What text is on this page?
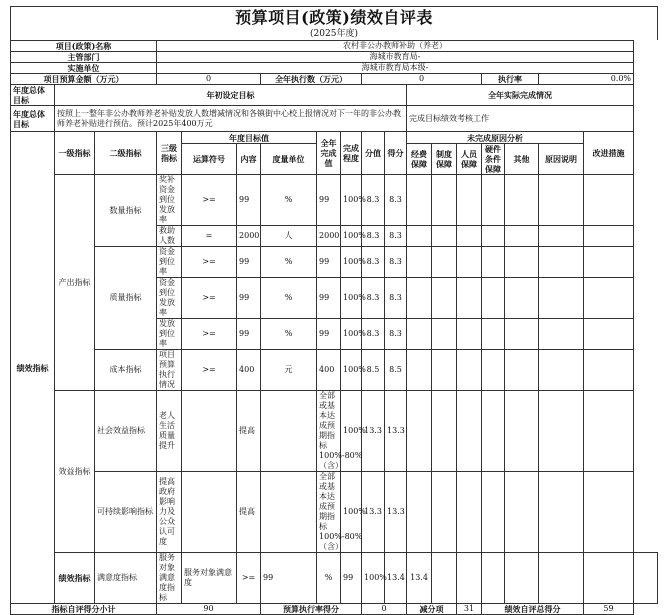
预算项目(政策)绩效自评表
(2025年度)
项目(政策)名称			农村非公办教师补助（养老）															
主管部门			海城市教育局-															
实施单位			海城市教育局本级-															
项目预算金额（万元）			0			全年执行数（万元）			0					执行率		0.0%		
年度总体目标	年初设定目标										全年实际完成情况							
年度总体目标	按照上一整年非公办教师养老补贴发放人数增减情况和各镇街中心校上报情况对下一年的非公办教师养老补贴进行预估。预计2025年400万元										完成目标绩效考核工作							
绩效指标	一级指标	二级指标	三级指标	年度目标值			全年完成值	完成程度	分值	得分	未完成原因分析						改进措施	
				运算符号	内容	度量单位					经费保障	制度保障	人员保障	硬件条件保障	其他	原因说明		
	产出指标	数量指标	奖补资金到位发放率	>=	99	%	99	100%	8.3	8.3								
			救助人数	=	2000	人	2000	100%	8.3	8.3								
		质量指标	资金到位率	>=	99	%	99	100%	8.3	8.3								
			资金到位发放率	>=	99	%	99	100%	8.3	8.3								
			发放到位率	>=	99	%	99	100%	8.3	8.3								
		成本指标	项目预算执行情况	>=	400	元	400	100%	8.5	8.5								
	效益指标	社会效益指标	老人生活质量提升		提高		全部或基本达成预期指标100%-80%（含）	100%	13.3	13.3								
		可持续影响指标	提高政府影响力及公众认可度		提高		全部或基本达成预期指标100%-80%（含）	100%	13.3	13.3								
	绩效指标	满意度指标	服务对象满意度指标	服务对象满意度	>=	99	%	99	100%	13.4	13.4							
指标自评得分小计			90			预算执行率得分			0		减分项		31	绩效自评总得分			59	
